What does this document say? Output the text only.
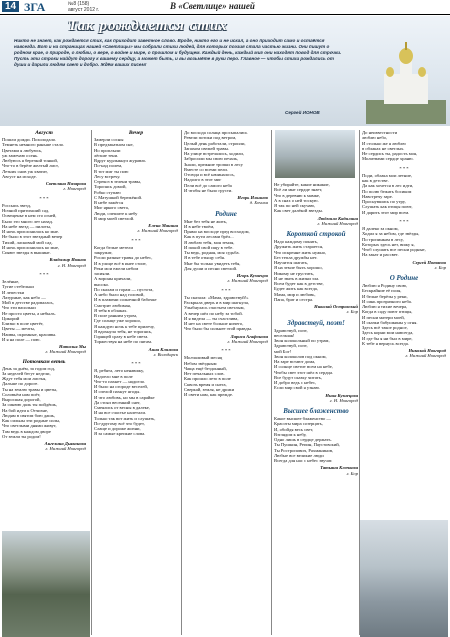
14 ЗГА	№8 (158)
август 2012 г.	В «Светлице» нашей
Так рождается стих
Никто не знает, как рождается стих, как приходит заветное слово. Вроде, никто его и не искал, а оно приходит само и остаётся навсегда. Вот и на страницах нашей «Светлицы» мы собрали стихи людей, для которых поэзия стала частью жизни. Они пишут о родном крае, о природе, о любви, о вере, о войне и мире, о прошлом и будущем. Каждый день, каждый миг они находят повод для строчки. Пусть эти строки найдут дорогу к вашему сердцу, а может быть, и вы возьмёте в руки перо. Главное — чтобы стихи рождались от души и дарили людям свет и добро. Ждём ваших писем!
Сергей ИОНОВ

Август

Пошли дожди. Похолодало.
Темнеть немного раньше стало.
Цветами я любуюсь,
уж замечаю осень.
Любуюсь я березкой тонкой,
Что-то в берёзе желтый лист,
Летних снов уж хватит,
Август на исходе.

Светлана Назарова

г. Новгород

* * *

Россыпь звезд,
Ночной притихший сад.
Освещенье в нем сто огней,
Было это много лет назад.
На небе звезд — пилоты,
И ночь прислонилась ко мне.
Не было в этот звездный вечер
Тихий, ласковый мой сад.
И ночь прислонилась ко мне,
Сияют звезды в вышине.

Владимир Иванов

г. Н. Новгород

* * *

Зелёные,
Тугие стебельки
И лепестки
Лазурные, как небо —
Мой в детстве радовалась,
Что эти васильки
Не просто цветы, а небыль.
Цикорий
Близко в поле цветёт,
Цветы — мечты,
Наивы, скромные, красивы.
И я на поле — пою.

Наталья Мы

г. Нижний Новгород

Потомкам ветвь

День за днём, за годом год,
За неделей бегут недели,
Ждут тебя мои листья,
Дальше по дороге.
Ты на землю травы и цветы,
Соловьём нам поёт,
Выросшая дорогой,
За синюю даль ты пойдёшь,
На бой идти к Отчизне,
Людям в святом бою дашь,
Как сильны эти родные силы,
Что светлыми днями живут,
Там ведь в каждом дворе
От земли ты родом!

Ангелина Дьяконова

г. Нижний Новгород

Вечер

Замерли сосны
В предзакатном сне,
Но проплыли
лёгкие тени.
Вдруг курлыкнул журавль
По-над полем,
В тот миг ты пою
Лесу встречу.
Стрекоз в зелени травы,
Торопясь домой,
Робко ступаю
С Матушкой бережёной.
В небе зажёгся
Миг яркого света,
Люди, спешите к небу
В мир моей светлой.

Елена Манина

г. Нижний Новгород

* * *

Когда белые метели
закружат,
Росли разные травы до небес,
И в улице всё в инее стоит,
Реки мои ежели небом
засияли.
А вороны кричали,
высоко.
По скалам и горам — пустота,
А небо было над головой,
И в пламени солнечной бабочке
Смотрит любимая,
Я тебя в облаках.
В поле ранним утром,
Где солнце уже хорошо,
Я каждую ночь к тебе прилечу,
Я вдохнула тебя, не торопясь,
Горящей сразу в небе света.
Торжествуя на небе по пятам.

Анна Климова

г. Володарск

* * *

Я, ребята, лето ненавижу,
Надоело мне в поле
Что-то пахнет — надоело.
И было на огороде веселей,
И спелой пахнут ягоды.
И что любовь, но мы в сарайке
Да стоял весенний снег,
Смеялись от весны в далеке,
И на все счастье налетали.
Только так вот жить и слушать,
По-другому всё что будет,
Слаще и дороже жизни,
Я за самые крепкие слова.

До восхода солнца просыпались
Ревели потоки под ветром,
Целый день работали, строили,
Запахом свежей травы.
На улице встречались, ходили,
Забросили мы свою печаль,
Знали, прежние тропки в лесу
Вместе со всеми пели.
Отсюда и всё начиналось,
Надолго в этот миг
Пели всё до самого неба
И чтобы не было грусти.

Игорь Ильинов

д. Бочиха

Родине

Мне без тебя не жить,
И в небе твоём,
Прямо на восходе пред восходом,
Как в пути лесами брёл...
Я люблю тебя, моя земля,
И покой свой ищу в тебе.
Ты ведь, родная, моя судьба.
Я в тебе отыщу себя.
Мне бы только увидеть тебя,
Для души и песни светлой.

Игорь Кузнецов

г. Нижний Новгород

* * *

Ты сказала: «Мама, здравствуй!»
Раскрыла дверь и в мир шагнула,
Улыбнулась счастьем светлым,
А вечер шёл по небу за тобой.
И я видела — ты счастлива,
И нет на свете больше ничего,
Что было бы сильнее этой правды.

Лариса Агафонова

г. Нижний Новгород

* * *

Молчаливый месяц
Небом звёздным
Чаща ещё бездонный,
Нет печальных слов.
Как прошло лето в поле
Сквозь время и снега,
Сверкай, земля, не дрожи
И свети нам, как прежде.

Не убирайте, какие никакие,
Всё ли мне сердце знает,
Что в деревню к мамке,
А в снах о ней тоскую.
Я так по ней скучаю,
Как свет далёкой звезды.

Людмила Кадилина

г. Нижний Новгород

Короткой строкой

Надо каждому понять,
Дружить жить старается,
Что искренне жить нужно,
Без тепла дружбы нет.
Научится шагать,
Я на земле быть хорошо,
Никому не грустить,
И не звать в жизни зла.
Всем будет как в детстве,
Будет жить как всегда,
Мама, мир и любовь,
Папа, брат и сестра.

Николай Островский

г. Бор

Здравствуй, поэт!

Здравствуй, поэт,
весельчак!
Звон колокольный по утрам,
Здравствуй, поэт,
мой Бог!
Звон колоколов под окном,
На заре встают дома,
И солнце светит всем на небе,
Чтобы свет этот шёл в сердца.
Все будут сказку читать,
И добро ведь с небес,
Если мир свой я узнаю.

Нина Кузнецова

г. Н. Новгород

Высшее блаженство

Какое высшее блаженство —
Красоты мира созерцать,
И, обойдя весь свет,
Взглядом к небу,
Одно лишь в сердце держать.
Ты Пушкин, Репин, Паустовский,
Ты Ростропович, Рахманинов,
Любые все великие люди
Всегда для нас с небес звучат.

Татьяна Клочкова

г. Бор

До неизвестности
люблю небо,
И столько же я люблю
в облаках не светлых.
Не сердись ты, радость моя,
Молитвами сердце храню.

* * *

Поди, облака мои летние,
как в детстве.
Да как хочется в лес идти,
По полю бежать босиком
Навстречу заре.
Проснувшись по утру,
Слушать как птицы поют,
И дарить этот мир всем.

* * *

Я далеко за окном,
Ходил я за небом, где звёзды,
По тропинкам в лесу,
Которых здесь нет, вижу я,
Чтоб слушать все песни родные,
На закат и рассвет.

Сергей Потапов

г. Бор

О Родине

Люблю я Родину свою,
Бескрайние её поля,
И белые берёзы у реки,
И синь прозрачного неба.
Люблю я тихие вечера,
Когда в саду поют птицы,
И песни матери моей,
И сказки бабушкины у огня.
Здесь всё такое родное,
Здесь корни мои навсегда,
И где бы я ни был в мире,
К тебе я вернусь всегда.

Николай Новгород

г. Нижний Новгород
